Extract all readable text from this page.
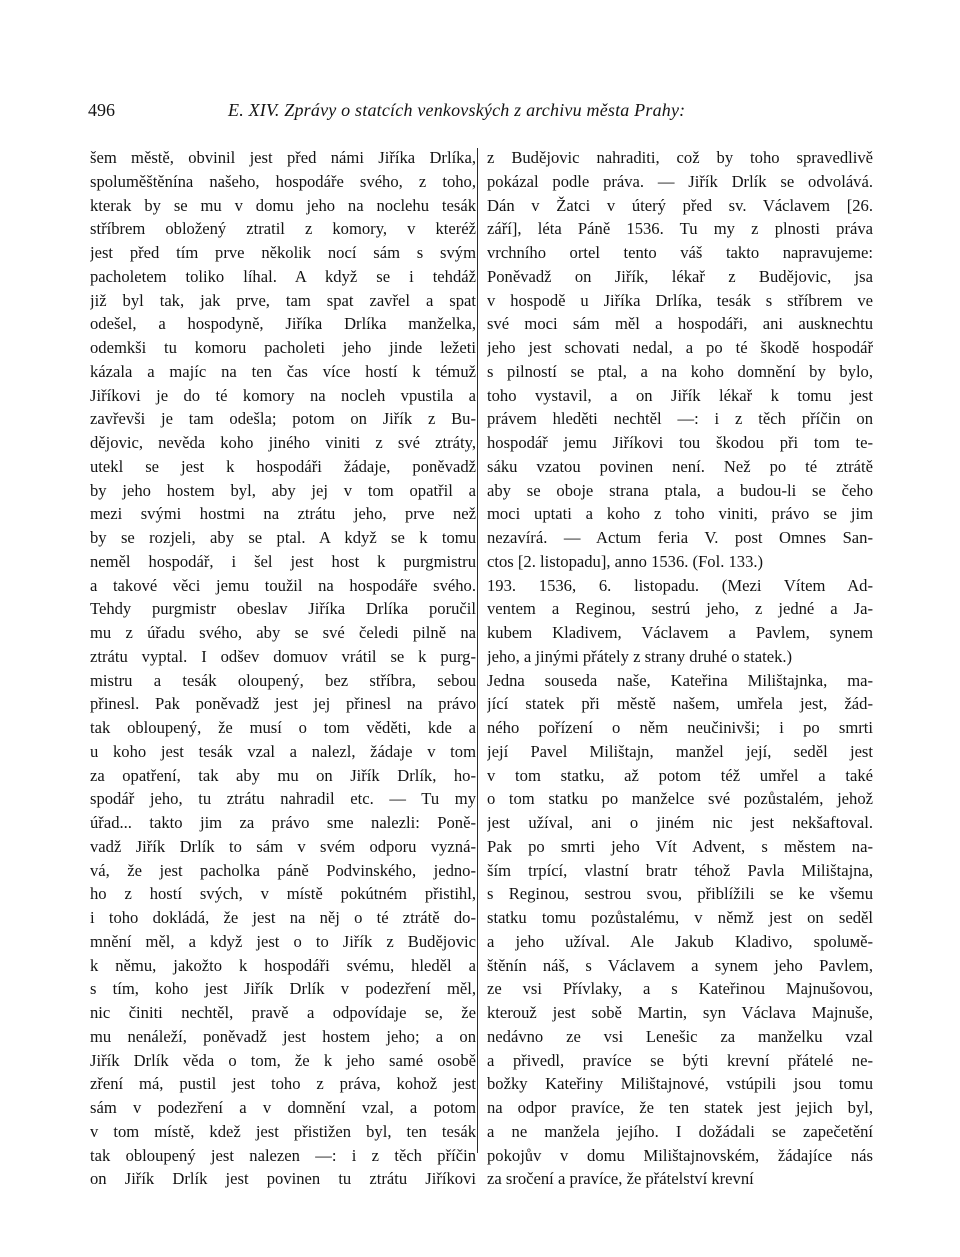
496	E. XIV. Zprávy o statcích venkovských z archivu města Prahy:
šem městě, obvinil jest před námi Jiříka Drlíka,
spoluměštěnína našeho, hospodáře svého, z toho,
kterak by se mu v domu jeho na noclehu tesák
stříbrem obložený ztratil z komory, v kteréž
jest před tím prve několik nocí sám s svým
pacholetem toliko líhal. A když se i tehdáž
již byl tak, jak prve, tam spat zavřel a spat
odešel, a hospodyně, Jiříka Drlíka manželka,
odemkši tu komoru pacholeti jeho jinde ležeti
kázala a majíc na ten čas více hostí k témuž
Jiříkovi je do té komory na nocleh vpustila a
zavřevši je tam odešla; potom on Jiřík z Bu-
dějovic, nevěda koho jiného viniti z své ztráty,
utekl se jest k hospodáři žádaje, poněvadž
by jeho hostem byl, aby jej v tom opatřil a
mezi svými hostmi na ztrátu jeho, prve než
by se rozjeli, aby se ptal. A když se k tomu
neměl hospodář, i šel jest host k purgmistru
a takové věci jemu toužil na hospodáře svého.
Tehdy purgmistr obeslav Jiříka Drlíka poručil
mu z úřadu svého, aby se své čeledi pilně na
ztrátu vyptal. I odšev domuov vrátil se k purg-
mistru a tesák oloupený, bez stříbra, sebou
přinesl. Pak poněvadž jest jej přinesl na právo
tak obloupený, že musí o tom věděti, kde a
u koho jest tesák vzal a nalezl, žádaje v tom
za opatření, tak aby mu on Jiřík Drlík, ho-
spodář jeho, tu ztrátu nahradil etc. — Tu my
úřad... takto jim za právo sme nalezli: Poně-
vadž Jiřík Drlík to sám v svém odporu vyzná-
vá, že jest pacholka páně Podvinského, jedno-
ho z hostí svých, v místě pokútném přistihl,
i toho dokládá, že jest na něj o té ztrátě do-
mnění měl, a když jest o to Jiřík z Budějovic
k němu, jakožto k hospodáři svému, hleděl a
s tím, koho jest Jiřík Drlík v podezření měl,
nic činiti nechtěl, pravě a odpovídaje se, že
mu nenáleží, poněvadž jest hostem jeho; a on
Jiřík Drlík věda o tom, že k jeho samé osobě
zření má, pustil jest toho z práva, kohož jest
sám v podezření a v domnění vzal, a potom
v tom místě, kdež jest přistižen byl, ten tesák
tak obloupený jest nalezen —: i z těch příčin
on Jiřík Drlík jest povinen tu ztrátu Jiříkovi
z Budějovic nahraditi, což by toho spravedlivě
pokázal podle práva. — Jiřík Drlík se odvolává.
Dán v Žatci v úterý před sv. Václavem [26.
září], léta Páně 1536. Tu my z plnosti práva
vrchního ortel tento váš takto napravujeme:
Poněvadž on Jiřík, lékař z Budějovic, jsa
v hospodě u Jiříka Drlíka, tesák s stříbrem ve
své moci sám měl a hospodáři, ani ausknechtu
jeho jest schovati nedal, a po té škodě hospodář
s pilností se ptal, a na koho domnění by bylo,
toho vystavil, a on Jiřík lékař k tomu jest
právem hleděti nechtěl —: i z těch příčin on
hospodář jemu Jiříkovi tou škodou při tom te-
sáku vzatou povinen není. Než po té ztrátě
aby se oboje strana ptala, a budou-li se čeho
moci uptati a koho z toho viniti, právo se jim
nezavírá. — Actum feria V. post Omnes San-
ctos [2. listopadu], anno 1536. (Fol. 133.)
193. 1536, 6. listopadu. (Mezi Vítem Ad-
ventem a Reginou, sestrú jeho, z jedné a Ja-
kubem Kladivem, Václavem a Pavlem, synem
jeho, a jinými přátely z strany druhé o statek.)
Jedna souseda naše, Kateřina Milištajnka, ma-
jící statek při městě našem, umřela jest, žád-
ného pořízení o něm neučinivši; i po smrti
její Pavel Milištajn, manžel její, seděl jest
v tom statku, až potom též umřel a také
o tom statku po manželce své pozůstalém, jehož
jest užíval, ani o jiném nic jest nekšaftoval.
Pak po smrti jeho Vít Advent, s městem na-
ším trpící, vlastní bratr téhož Pavla Milištajna,
s Reginou, sestrou svou, přiblížili se ke všemu
statku tomu pozůstalému, v němž jest on seděl
a jeho užíval. Ale Jakub Kladivo, spoluмě-
štěnín náš, s Václavem a synem jeho Pavlem,
ze vsi Přívlaky, a s Kateřinou Majnušovou,
kterouž jest sobě Martin, syn Václava Majnuše,
nedávno ze vsi Lenešic za manželku vzal
a přivedl, pravíce se býti krevní přátelé ne-
božky Kateřiny Milištajnové, vstúpili jsou tomu
na odpor pravíce, že ten statek jest jejich byl,
a ne manžela jejího. I dožádali se zapečetění
pokojův v domu Milištajnovském, žádajíce nás
za sročení a pravíce, že přátelství krevní
